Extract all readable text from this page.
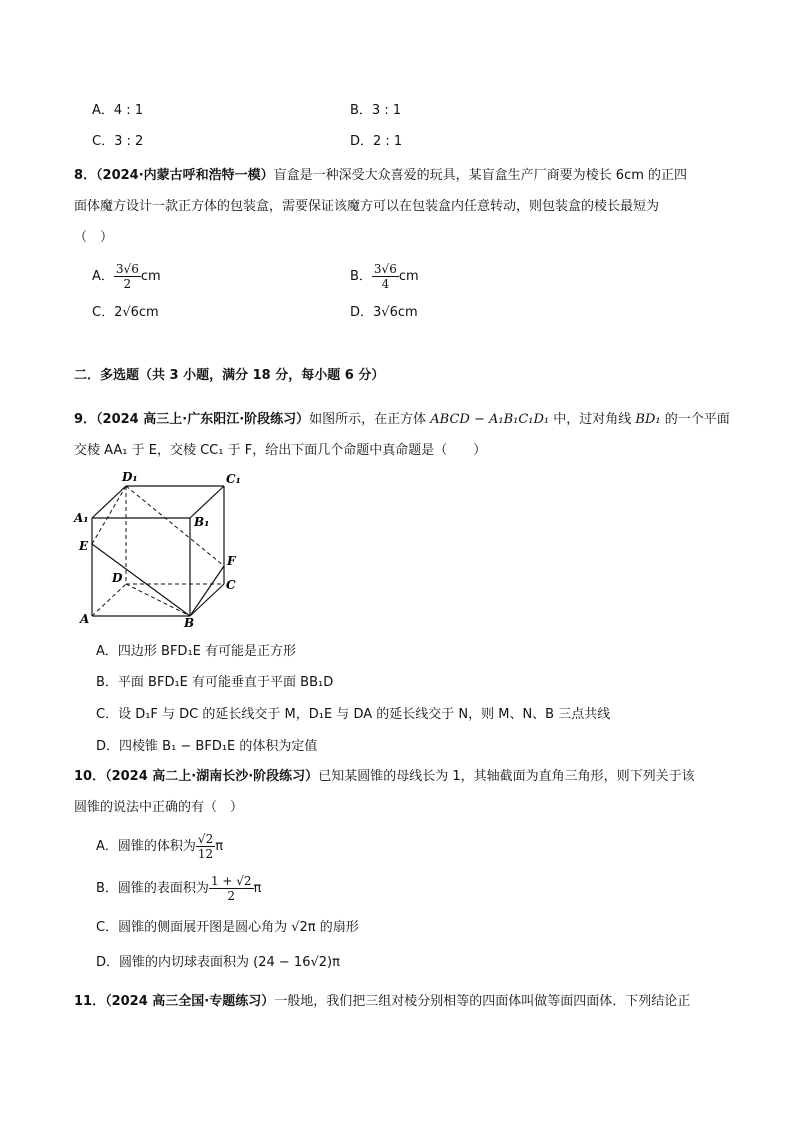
A．4 : 1	B．3 : 1
C．3 : 2	D．2 : 1
8．（2024·内蒙古呼和浩特一模）盲盒是一种深受大众喜爱的玩具，某盲盒生产厂商要为棱长 6cm 的正四
面体魔方设计一款正方体的包装盒，需要保证该魔方可以在包装盒内任意转动，则包装盒的棱长最短为
（　）
A． $\frac{3√6}{2}$ cm	B． $\frac{3√6}{4}$ cm
C．2√6cm	D．3√6cm
二．多选题（共 3 小题，满分 18 分，每小题 6 分）
9．（2024 高三上·广东阳江·阶段练习）如图所示，在正方体 ABCD − A₁B₁C₁D₁ 中，过对角线 BD₁ 的一个平面
交棱 AA₁ 于 E，交棱 CC₁ 于 F，给出下面几个命题中真命题是（　　）
D₁	C₁
A₁	B₁
E
F
D	C
A	B
A．四边形 BFD₁E 有可能是正方形
B．平面 BFD₁E 有可能垂直于平面 BB₁D
C．设 D₁F 与 DC 的延长线交于 M，D₁E 与 DA 的延长线交于 N，则 M、N、B 三点共线
D．四棱锥 B₁ − BFD₁E 的体积为定值
10．（2024 高二上·湖南长沙·阶段练习）已知某圆锥的母线长为 1，其轴截面为直角三角形，则下列关于该
圆锥的说法中正确的有（　）
A．圆锥的体积为 $\frac{√2}{12}$ π
B．圆锥的表面积为 $\frac{1 + √2}{2}$ π
C．圆锥的侧面展开图是圆心角为 √2π 的扇形
D．圆锥的内切球表面积为 (24 − 16√2)π
11．（2024 高三全国·专题练习）一般地，我们把三组对棱分别相等的四面体叫做等面四面体．下列结论正
